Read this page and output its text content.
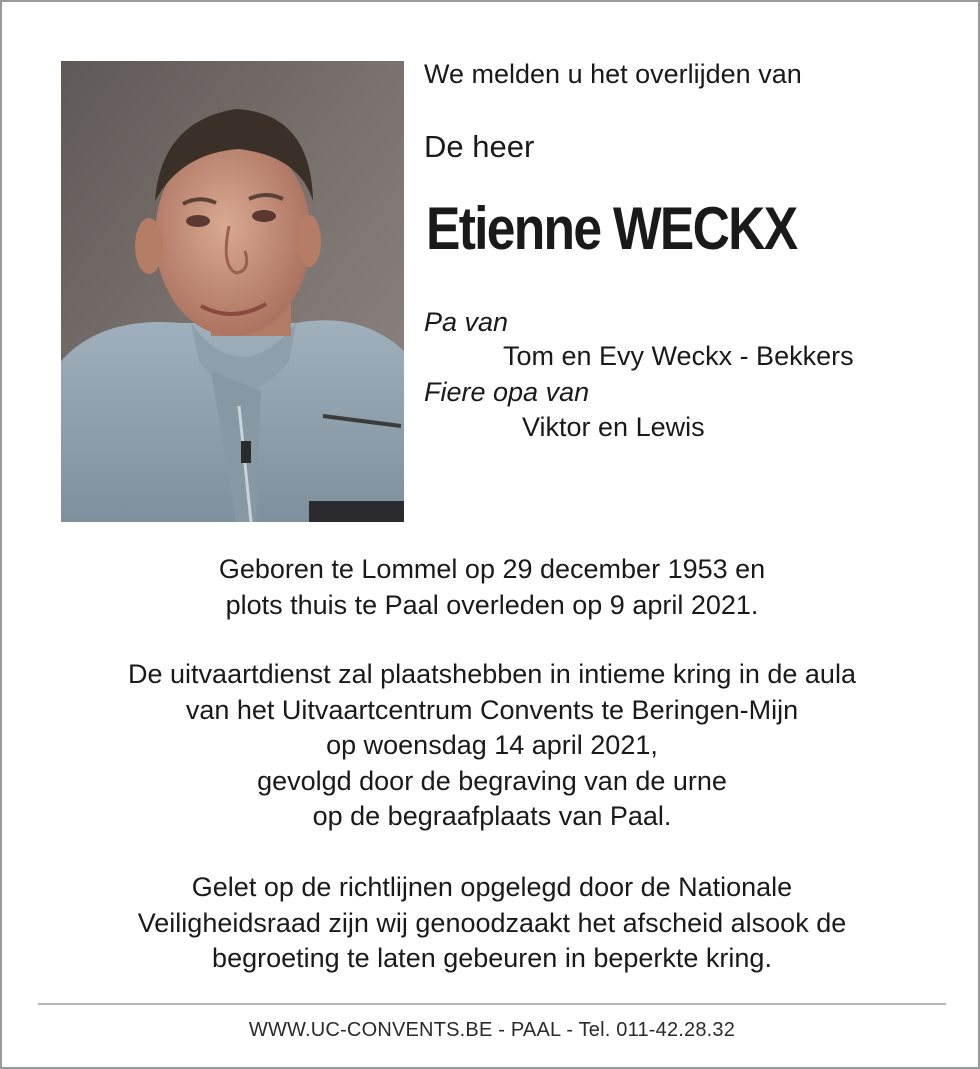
We melden u het overlijden van
De heer
Etienne WECKX
Pa van
Tom en Evy Weckx - Bekkers
Fiere opa van
Viktor en Lewis
Geboren te Lommel op 29 december 1953 en
plots thuis te Paal overleden op 9 april 2021.
De uitvaartdienst zal plaatshebben in intieme kring in de aula
van het Uitvaartcentrum Convents te Beringen-Mijn
op woensdag 14 april 2021,
gevolgd door de begraving van de urne
op de begraafplaats van Paal.
Gelet op de richtlijnen opgelegd door de Nationale
Veiligheidsraad zijn wij genoodzaakt het afscheid alsook de
begroeting te laten gebeuren in beperkte kring.
WWW.UC-CONVENTS.BE - PAAL - Tel. 011-42.28.32
